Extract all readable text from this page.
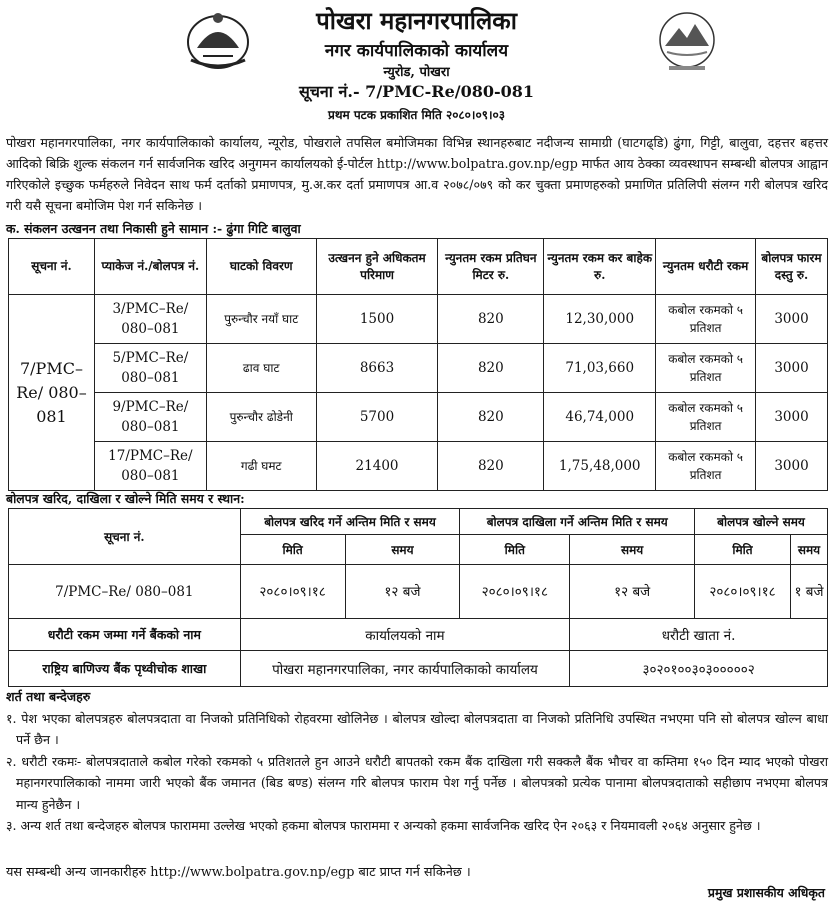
पोखरा महानगरपालिका
नगर कार्यपालिकाको कार्यालय
न्युरोड, पोखरा
सूचना नं.- 7/PMC-Re/080-081
प्रथम पटक प्रकाशित मिति २०८०।०९।०३
पोखरा महानगरपालिका, नगर कार्यपालिकाको कार्यालय, न्यूरोड, पोखराले तपसिल बमोजिमका विभिन्न स्थानहरुबाट नदीजन्य सामाग्री (घाटगढ्डि) ढुंगा, गिट्टी, बालुवा, दहत्तर बहत्तर आदिको बिक्रि शुल्क संकलन गर्न सार्वजनिक खरिद अनुगमन कार्यालयको ई-पोर्टल http://www.bolpatra.gov.np/egp मार्फत आय ठेक्का व्यवस्थापन सम्बन्धी बोलपत्र आह्वान गरिएकोले इच्छुक फर्महरुले निवेदन साथ फर्म दर्ताको प्रमाणपत्र, मु.अ.कर दर्ता प्रमाणपत्र आ.व २०७८/०७९ को कर चुक्ता प्रमाणहरुको प्रमाणित प्रतिलिपी संलग्न गरी बोलपत्र खरिद गरी यसै सूचना बमोजिम पेश गर्न सकिनेछ ।
क. संकलन उत्खनन तथा निकासी हुने सामान :- ढुंगा गिटि बालुवा
सूचना नं.	प्याकेज नं./बोलपत्र नं.	घाटको विवरण	उत्खनन हुने अधिकतम परिमाण	न्युनतम रकम प्रतिघन मिटर रु.	न्युनतम रकम कर बाहेक रु.	न्युनतम धरौटी रकम	बोलपत्र फारम दस्तु रु.
7/PMC–Re/ 080–081	3/PMC–Re/ 080–081	पुरुन्चौर नयाँ घाट	1500	820	12,30,000	कबोल रकमको ५ प्रतिशत	3000
	5/PMC–Re/ 080–081	ढाव घाट	8663	820	71,03,660	कबोल रकमको ५ प्रतिशत	3000
	9/PMC–Re/ 080–081	पुरुन्चौर ढोडेनी	5700	820	46,74,000	कबोल रकमको ५ प्रतिशत	3000
	17/PMC–Re/ 080–081	गढी घमट	21400	820	1,75,48,000	कबोल रकमको ५ प्रतिशत	3000
बोलपत्र खरिद, दाखिला र खोल्ने मिति समय र स्थान:
सूचना नं.	बोलपत्र खरिद गर्ने अन्तिम मिति र समय		बोलपत्र दाखिला गर्ने अन्तिम मिति र समय		बोलपत्र खोल्ने समय	
	मिति	समय	मिति	समय	मिति	समय
7/PMC–Re/ 080–081	२०८०।०९।१८	१२ बजे	२०८०।०९।१८	१२ बजे	२०८०।०९।१८	१ बजे
धरौटी रकम जम्मा गर्ने बैंकको नाम	कार्यालयको नाम			धरौटी खाता नं.		
राष्ट्रिय बाणिज्य बैंक पृथ्वीचोक शाखा	पोखरा महानगरपालिका, नगर कार्यपालिकाको कार्यालय			३०२०१००३०३०००००२		
शर्त तथा बन्देजहरु
१. पेश भएका बोलपत्रहरु बोलपत्रदाता वा निजको प्रतिनिधिको रोहवरमा खोलिनेछ । बोलपत्र खोल्दा बोलपत्रदाता वा निजको प्रतिनिधि उपस्थित नभएमा पनि सो बोलपत्र खोल्न बाधा पर्ने छैन ।
२. धरौटी रकमः- बोलपत्रदाताले कबोल गरेको रकमको ५ प्रतिशतले हुन आउने धरौटी बापतको रकम बैंक दाखिला गरी सक्कलै बैंक भौचर वा कम्तिमा १५० दिन म्याद भएको पोखरा महानगरपालिकाको नाममा जारी भएको बैंक जमानत (बिड बण्ड) संलग्न गरि बोलपत्र फाराम पेश गर्नु पर्नेछ । बोलपत्रको प्रत्येक पानामा बोलपत्रदाताको सहीछाप नभएमा बोलपत्र मान्य हुनेछैन ।
३. अन्य शर्त तथा बन्देजहरु बोलपत्र फाराममा उल्लेख भएको हकमा बोलपत्र फाराममा र अन्यको हकमा सार्वजनिक खरिद ऐन २०६३ र नियमावली २०६४ अनुसार हुनेछ ।
यस सम्बन्धी अन्य जानकारीहरु http://www.bolpatra.gov.np/egp बाट प्राप्त गर्न सकिनेछ ।
प्रमुख प्रशासकीय अधिकृत
